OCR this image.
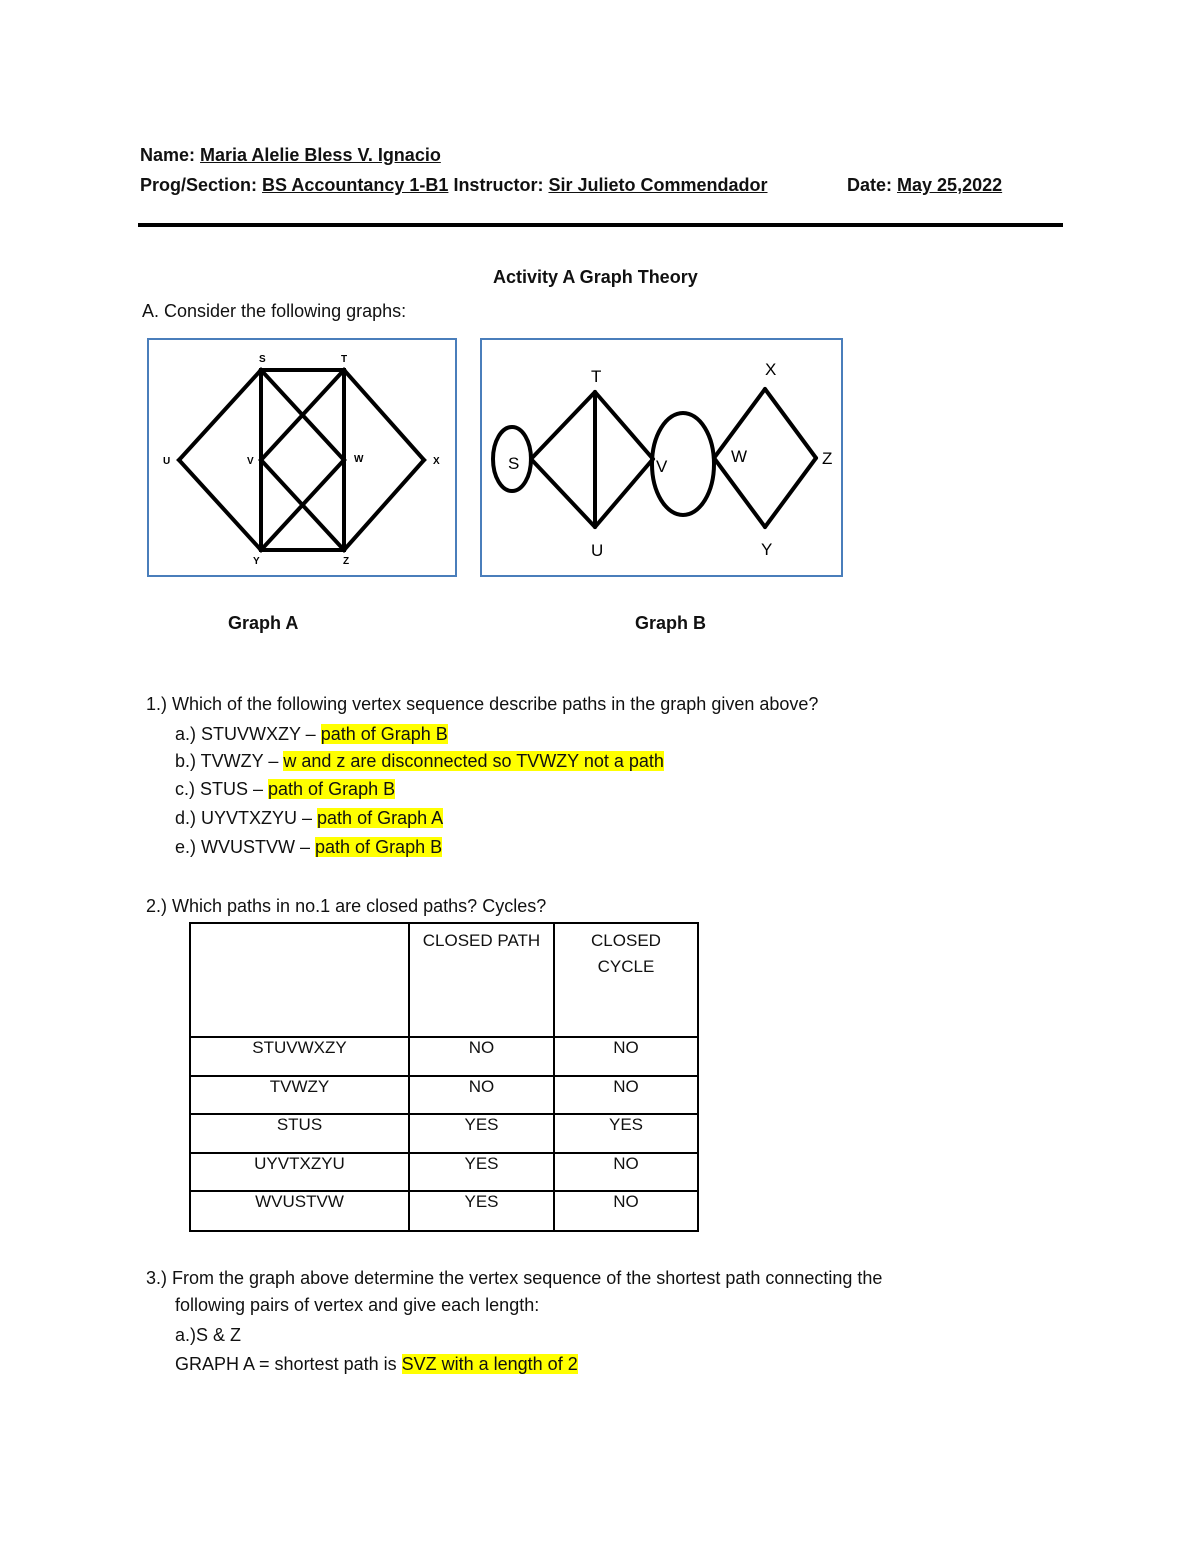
Name: Maria Alelie Bless V. Ignacio
Prog/Section: BS Accountancy 1-B1 Instructor: Sir Julieto Commendador	Date: May 25,2022
Activity A Graph Theory
A. Consider the following graphs:
S	T
U	V	W	X
Y	Z
S
T
U
V
W
X
Y
Z
Graph A	Graph B
1.) Which of the following vertex sequence describe paths in the graph given above?
a.) STUVWXZY – path of Graph B
b.) TVWZY – w and z are disconnected so TVWZY not a path
c.) STUS – path of Graph B
d.) UYVTXZYU – path of Graph A
e.) WVUSTVW – path of Graph B
2.) Which paths in no.1 are closed paths? Cycles?

	CLOSED PATH	CLOSED CYCLE

STUVWXZY	NO	NO
TVWZY	NO	NO
STUS	YES	YES
UYVTXZYU	YES	NO
WVUSTVW	YES	NO
3.) From the graph above determine the vertex sequence of the shortest path connecting the
following pairs of vertex and give each length:
a.)S & Z
GRAPH A = shortest path is SVZ with a length of 2
